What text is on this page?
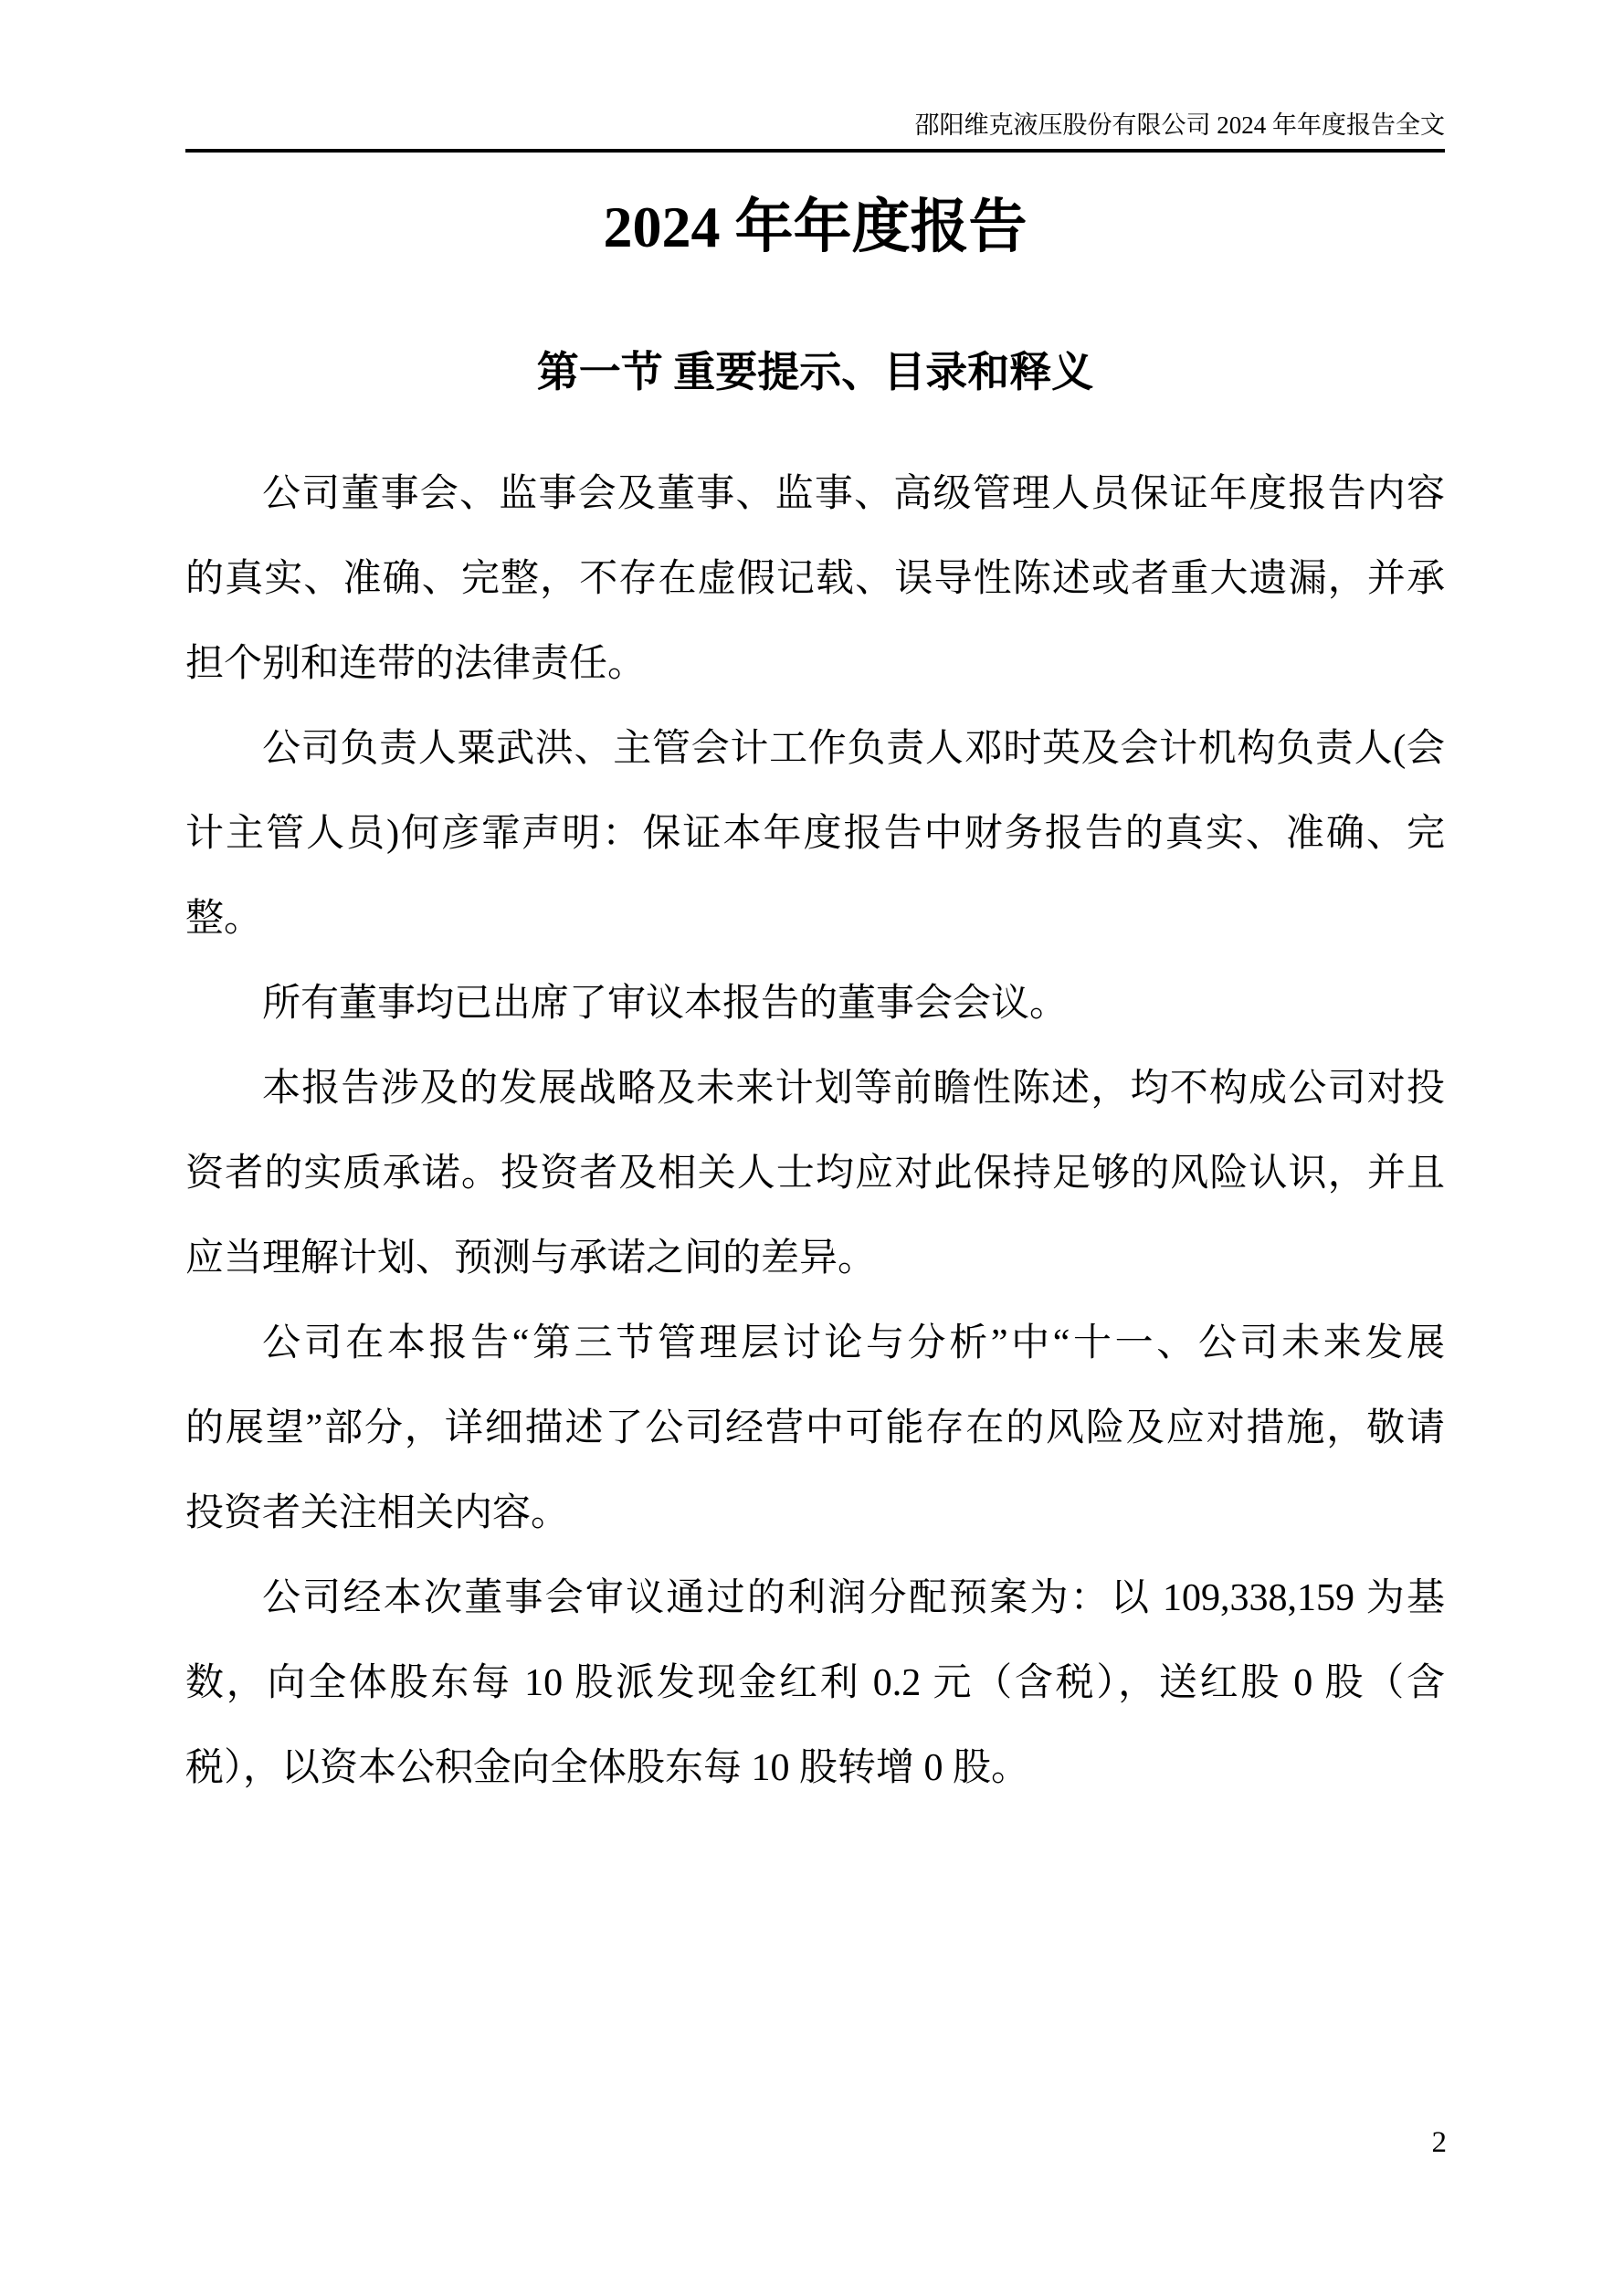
邵阳维克液压股份有限公司 2024 年年度报告全文
2024 年年度报告
第一节 重要提示、目录和释义

公司董事会、监事会及董事、监事、高级管理人员保证年度报告内容
的真实、准确、完整，不存在虚假记载、误导性陈述或者重大遗漏，并承
担个别和连带的法律责任。

公司负责人粟武洪、主管会计工作负责人邓时英及会计机构负责人(会
计主管人员)何彦霏声明：保证本年度报告中财务报告的真实、准确、完
整。

所有董事均已出席了审议本报告的董事会会议。

本报告涉及的发展战略及未来计划等前瞻性陈述，均不构成公司对投
资者的实质承诺。投资者及相关人士均应对此保持足够的风险认识，并且
应当理解计划、预测与承诺之间的差异。

公司在本报告“第三节管理层讨论与分析”中“十一、公司未来发展
的展望”部分，详细描述了公司经营中可能存在的风险及应对措施，敬请
投资者关注相关内容。

公司经本次董事会审议通过的利润分配预案为：以 109,338,159 为基
数，向全体股东每 10 股派发现金红利 0.2 元（含税），送红股 0 股（含
税），以资本公积金向全体股东每 10 股转增 0 股。

2
